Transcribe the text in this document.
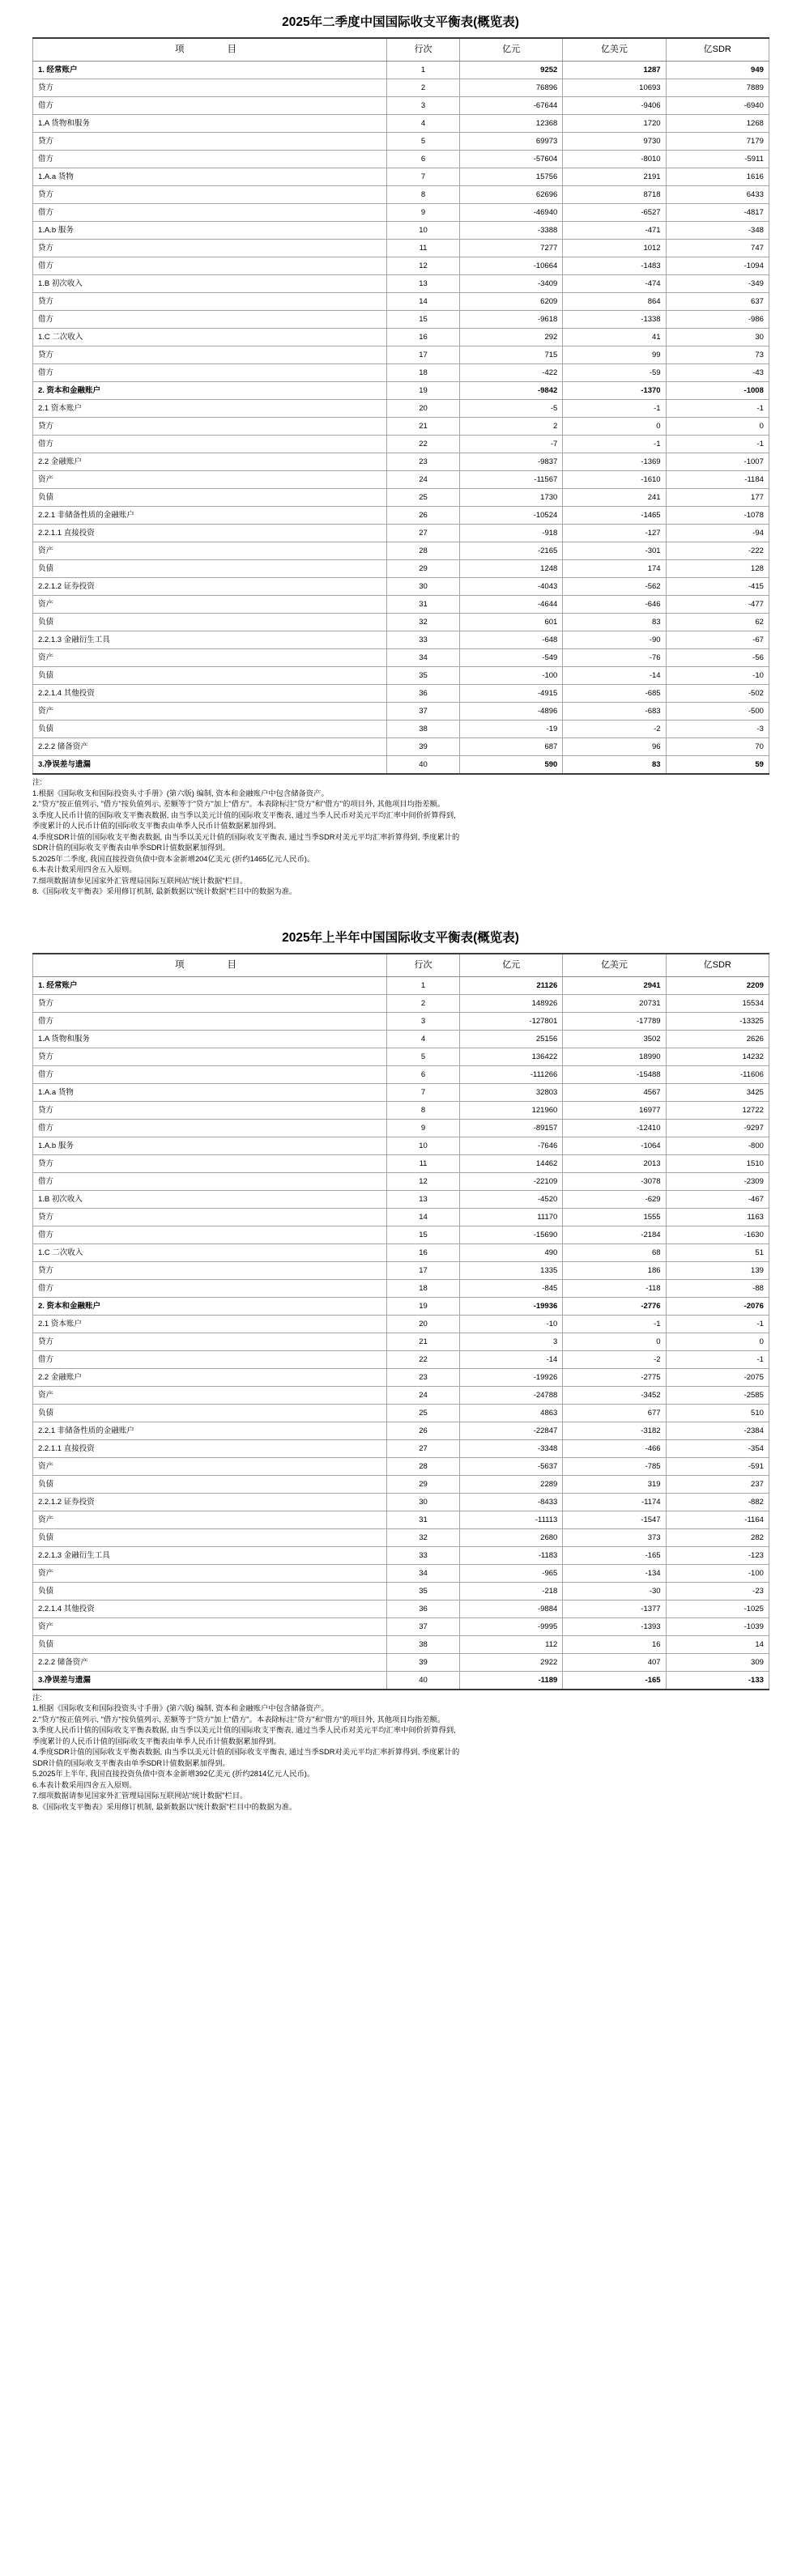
2025年二季度中国国际收支平衡表(概览表)
项　　目	行次	亿元	亿美元	亿SDR
1. 经常账户	1	9252	1287	949
贷方	2	76896	10693	7889
借方	3	-67644	-9406	-6940
1.A 货物和服务	4	12368	1720	1268
贷方	5	69973	9730	7179
借方	6	-57604	-8010	-5911
1.A.a 货物	7	15756	2191	1616
贷方	8	62696	8718	6433
借方	9	-46940	-6527	-4817
1.A.b 服务	10	-3388	-471	-348
贷方	11	7277	1012	747
借方	12	-10664	-1483	-1094
1.B 初次收入	13	-3409	-474	-349
贷方	14	6209	864	637
借方	15	-9618	-1338	-986
1.C 二次收入	16	292	41	30
贷方	17	715	99	73
借方	18	-422	-59	-43
2. 资本和金融账户	19	-9842	-1370	-1008
2.1 资本账户	20	-5	-1	-1
贷方	21	2	0	0
借方	22	-7	-1	-1
2.2 金融账户	23	-9837	-1369	-1007
资产	24	-11567	-1610	-1184
负债	25	1730	241	177
2.2.1 非储备性质的金融账户	26	-10524	-1465	-1078
2.2.1.1 直接投资	27	-918	-127	-94
资产	28	-2165	-301	-222
负债	29	1248	174	128
2.2.1.2 证券投资	30	-4043	-562	-415
资产	31	-4644	-646	-477
负债	32	601	83	62
2.2.1.3 金融衍生工具	33	-648	-90	-67
资产	34	-549	-76	-56
负债	35	-100	-14	-10
2.2.1.4 其他投资	36	-4915	-685	-502
资产	37	-4896	-683	-500
负债	38	-19	-2	-3
2.2.2 储备资产	39	687	96	70
3.净误差与遗漏	40	590	83	59

注:

1.根据《国际收支和国际投资头寸手册》(第六版) 编制, 资本和金融账户中包含储备资产。

2."贷方"按正值列示, "借方"按负值列示, 差额等于"贷方"加上"借方"。本表除标注"贷方"和"借方"的项目外, 其他项目均指差额。

3.季度人民币计值的国际收支平衡表数据, 由当季以美元计值的国际收支平衡表, 通过当季人民币对美元平均汇率中间价折算得到,

季度累计的人民币计值的国际收支平衡表由单季人民币计值数据累加得到。

4.季度SDR计值的国际收支平衡表数据, 由当季以美元计值的国际收支平衡表, 通过当季SDR对美元平均汇率折算得到, 季度累计的

SDR计值的国际收支平衡表由单季SDR计值数据累加得到。

5.2025年二季度, 我国直接投资负债中资本金新增204亿美元 (折约1465亿元人民币)。

6.本表计数采用四舍五入原则。

7.细项数据请参见国家外汇管理局国际互联网站"统计数据"栏目。

8.《国际收支平衡表》采用修订机制, 最新数据以"统计数据"栏目中的数据为准。

2025年上半年中国国际收支平衡表(概览表)
项　　目	行次	亿元	亿美元	亿SDR
1. 经常账户	1	21126	2941	2209
贷方	2	148926	20731	15534
借方	3	-127801	-17789	-13325
1.A 货物和服务	4	25156	3502	2626
贷方	5	136422	18990	14232
借方	6	-111266	-15488	-11606
1.A.a 货物	7	32803	4567	3425
贷方	8	121960	16977	12722
借方	9	-89157	-12410	-9297
1.A.b 服务	10	-7646	-1064	-800
贷方	11	14462	2013	1510
借方	12	-22109	-3078	-2309
1.B 初次收入	13	-4520	-629	-467
贷方	14	11170	1555	1163
借方	15	-15690	-2184	-1630
1.C 二次收入	16	490	68	51
贷方	17	1335	186	139
借方	18	-845	-118	-88
2. 资本和金融账户	19	-19936	-2776	-2076
2.1 资本账户	20	-10	-1	-1
贷方	21	3	0	0
借方	22	-14	-2	-1
2.2 金融账户	23	-19926	-2775	-2075
资产	24	-24788	-3452	-2585
负债	25	4863	677	510
2.2.1 非储备性质的金融账户	26	-22847	-3182	-2384
2.2.1.1 直接投资	27	-3348	-466	-354
资产	28	-5637	-785	-591
负债	29	2289	319	237
2.2.1.2 证券投资	30	-8433	-1174	-882
资产	31	-11113	-1547	-1164
负债	32	2680	373	282
2.2.1.3 金融衍生工具	33	-1183	-165	-123
资产	34	-965	-134	-100
负债	35	-218	-30	-23
2.2.1.4 其他投资	36	-9884	-1377	-1025
资产	37	-9995	-1393	-1039
负债	38	112	16	14
2.2.2 储备资产	39	2922	407	309
3.净误差与遗漏	40	-1189	-165	-133

注:

1.根据《国际收支和国际投资头寸手册》(第六版) 编制, 资本和金融账户中包含储备资产。

2."贷方"按正值列示, "借方"按负值列示, 差额等于"贷方"加上"借方"。本表除标注"贷方"和"借方"的项目外, 其他项目均指差额。

3.季度人民币计值的国际收支平衡表数据, 由当季以美元计值的国际收支平衡表, 通过当季人民币对美元平均汇率中间价折算得到,

季度累计的人民币计值的国际收支平衡表由单季人民币计值数据累加得到。

4.季度SDR计值的国际收支平衡表数据, 由当季以美元计值的国际收支平衡表, 通过当季SDR对美元平均汇率折算得到, 季度累计的

SDR计值的国际收支平衡表由单季SDR计值数据累加得到。

5.2025年上半年, 我国直接投资负债中资本金新增392亿美元 (折约2814亿元人民币)。

6.本表计数采用四舍五入原则。

7.细项数据请参见国家外汇管理局国际互联网站"统计数据"栏目。

8.《国际收支平衡表》采用修订机制, 最新数据以"统计数据"栏目中的数据为准。
